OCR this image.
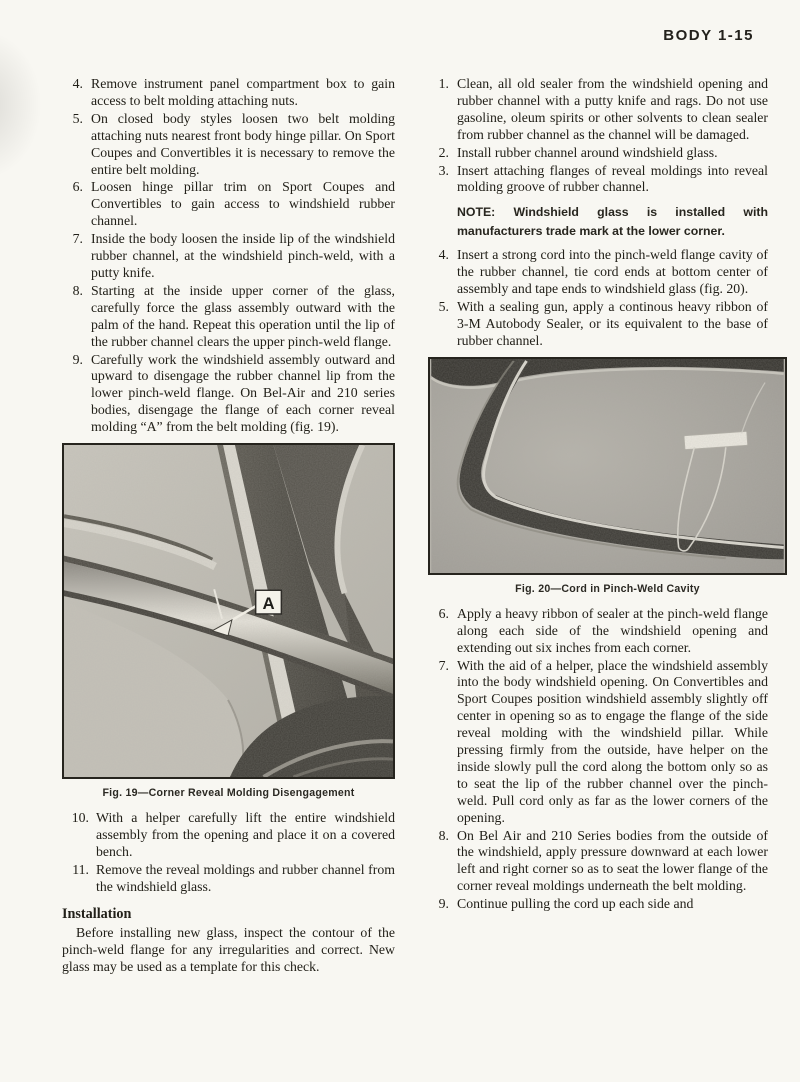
BODY 1-15
4. Remove instrument panel compartment box to gain access to belt molding attaching nuts.
5. On closed body styles loosen two belt molding attaching nuts nearest front body hinge pillar. On Sport Coupes and Convertibles it is necessary to remove the entire belt molding.
6. Loosen hinge pillar trim on Sport Coupes and Convertibles to gain access to windshield rubber channel.
7. Inside the body loosen the inside lip of the windshield rubber channel, at the windshield pinch-weld, with a putty knife.
8. Starting at the inside upper corner of the glass, carefully force the glass assembly outward with the palm of the hand. Repeat this operation until the lip of the rubber channel clears the upper pinch-weld flange.
9. Carefully work the windshield assembly outward and upward to disengage the rubber channel lip from the lower pinch-weld flange. On Bel-Air and 210 series bodies, disengage the flange of each corner reveal molding “A” from the belt molding (fig. 19).
A
Fig. 19—Corner Reveal Molding Disengagement
10. With a helper carefully lift the entire windshield assembly from the opening and place it on a covered bench.
11. Remove the reveal moldings and rubber channel from the windshield glass.
Installation
Before installing new glass, inspect the contour of the pinch-weld flange for any irregularities and correct. New glass may be used as a template for this check.
1. Clean, all old sealer from the windshield opening and rubber channel with a putty knife and rags. Do not use gasoline, oleum spirits or other solvents to clean sealer from rubber channel as the channel will be damaged.
2. Install rubber channel around windshield glass.
3. Insert attaching flanges of reveal moldings into reveal molding groove of rubber channel.
NOTE: Windshield glass is installed with manufacturers trade mark at the lower corner.
4. Insert a strong cord into the pinch-weld flange cavity of the rubber channel, tie cord ends at bottom center of assembly and tape ends to windshield glass (fig. 20).
5. With a sealing gun, apply a continous heavy ribbon of 3-M Autobody Sealer, or its equivalent to the base of rubber channel.
Fig. 20—Cord in Pinch-Weld Cavity
6. Apply a heavy ribbon of sealer at the pinch-weld flange along each side of the windshield opening and extending out six inches from each corner.
7. With the aid of a helper, place the windshield assembly into the body windshield opening. On Convertibles and Sport Coupes position windshield assembly slightly off center in opening so as to engage the flange of the side reveal molding with the windshield pillar. While pressing firmly from the outside, have helper on the inside slowly pull the cord along the bottom only so as to seat the lip of the rubber channel over the pinch-weld. Pull cord only as far as the lower corners of the opening.
8. On Bel Air and 210 Series bodies from the outside of the windshield, apply pressure downward at each lower left and right corner so as to seat the lower flange of the corner reveal moldings underneath the belt molding.
9. Continue pulling the cord up each side and
